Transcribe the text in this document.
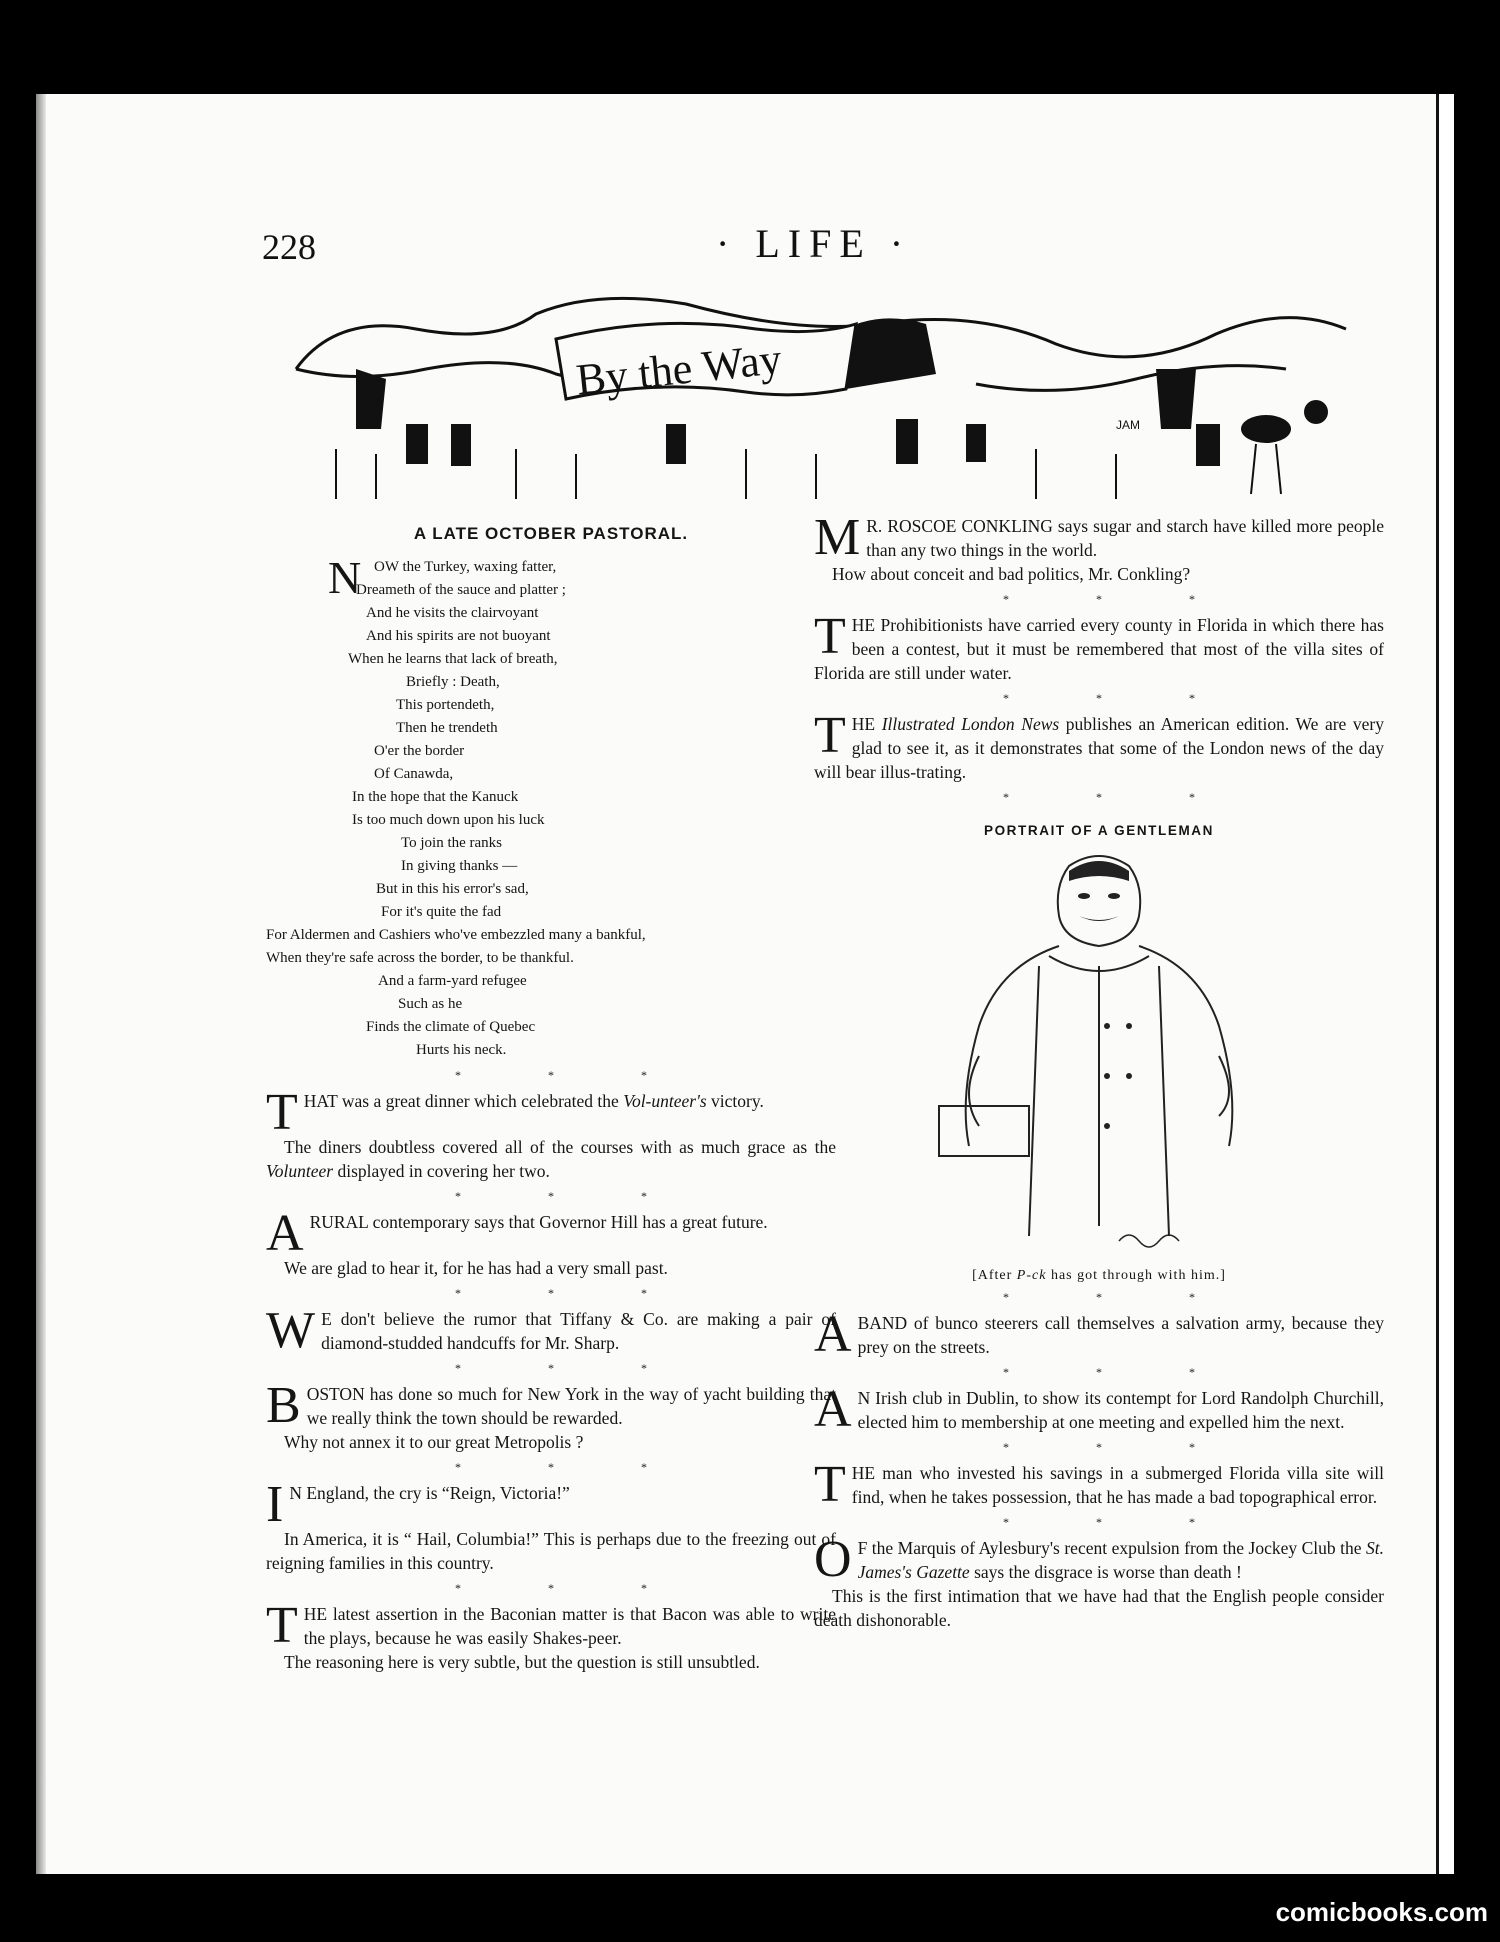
228	· LIFE ·
By the Way
JAM
A LATE OCTOBER PASTORAL.
N OW the Turkey, waxing fatter,
Dreameth of the sauce and platter ;
And he visits the clairvoyant
And his spirits are not buoyant
When he learns that lack of breath,
Briefly : Death,
This portendeth,
Then he trendeth
O'er the border
Of Canawda,
In the hope that the Kanuck
Is too much down upon his luck
To join the ranks
In giving thanks —
But in this his error's sad,
For it's quite the fad
For Aldermen and Cashiers who've embezzled many a bankful,
When they're safe across the border, to be thankful.
And a farm-yard refugee
Such as he
Finds the climate of Quebec
Hurts his neck.
* * *

THAT was a great dinner which celebrated the Vol-unteer's victory.

The diners doubtless covered all of the courses with as much grace as the Volunteer displayed in covering her two.

* * *

ARURAL contemporary says that Governor Hill has a great future.

We are glad to hear it, for he has had a very small past.

* * *

W E don't believe the rumor that Tiffany & Co. are making a pair of diamond-studded handcuffs for Mr. Sharp.

* * *

BOSTON has done so much for New York in the way of yacht building that we really think the town should be rewarded.

Why not annex it to our great Metropolis ?

* * *

I N England, the cry is “Reign, Victoria!”

In America, it is “ Hail, Columbia!” This is perhaps due to the freezing out of reigning families in this country.

* * *

THE latest assertion in the Baconian matter is that Bacon was able to write the plays, because he was easily Shakes-peer.

The reasoning here is very subtle, but the question is still unsubtled.

M R. ROSCOE CONKLING says sugar and starch have killed more people than any two things in the world.

How about conceit and bad politics, Mr. Conkling?

* * *

THE Prohibitionists have carried every county in Florida in which there has been a contest, but it must be remembered that most of the villa sites of Florida are still under water.

* * *

THE Illustrated London News publishes an American edition. We are very glad to see it, as it demonstrates that some of the London news of the day will bear illus-trating.

* * *
PORTRAIT OF A GENTLEMAN
[After P-ck has got through with him.]
* * *

ABAND of bunco steerers call themselves a salvation army, because they prey on the streets.

* * *

A N Irish club in Dublin, to show its contempt for Lord Randolph Churchill, elected him to membership at one meeting and expelled him the next.

* * *

THE man who invested his savings in a submerged Florida villa site will find, when he takes possession, that he has made a bad topographical error.

* * *

O F the Marquis of Aylesbury's recent expulsion from the Jockey Club the St. James's Gazette says the disgrace is worse than death !

This is the first intimation that we have had that the English people consider death dishonorable.

comicbooks.com
